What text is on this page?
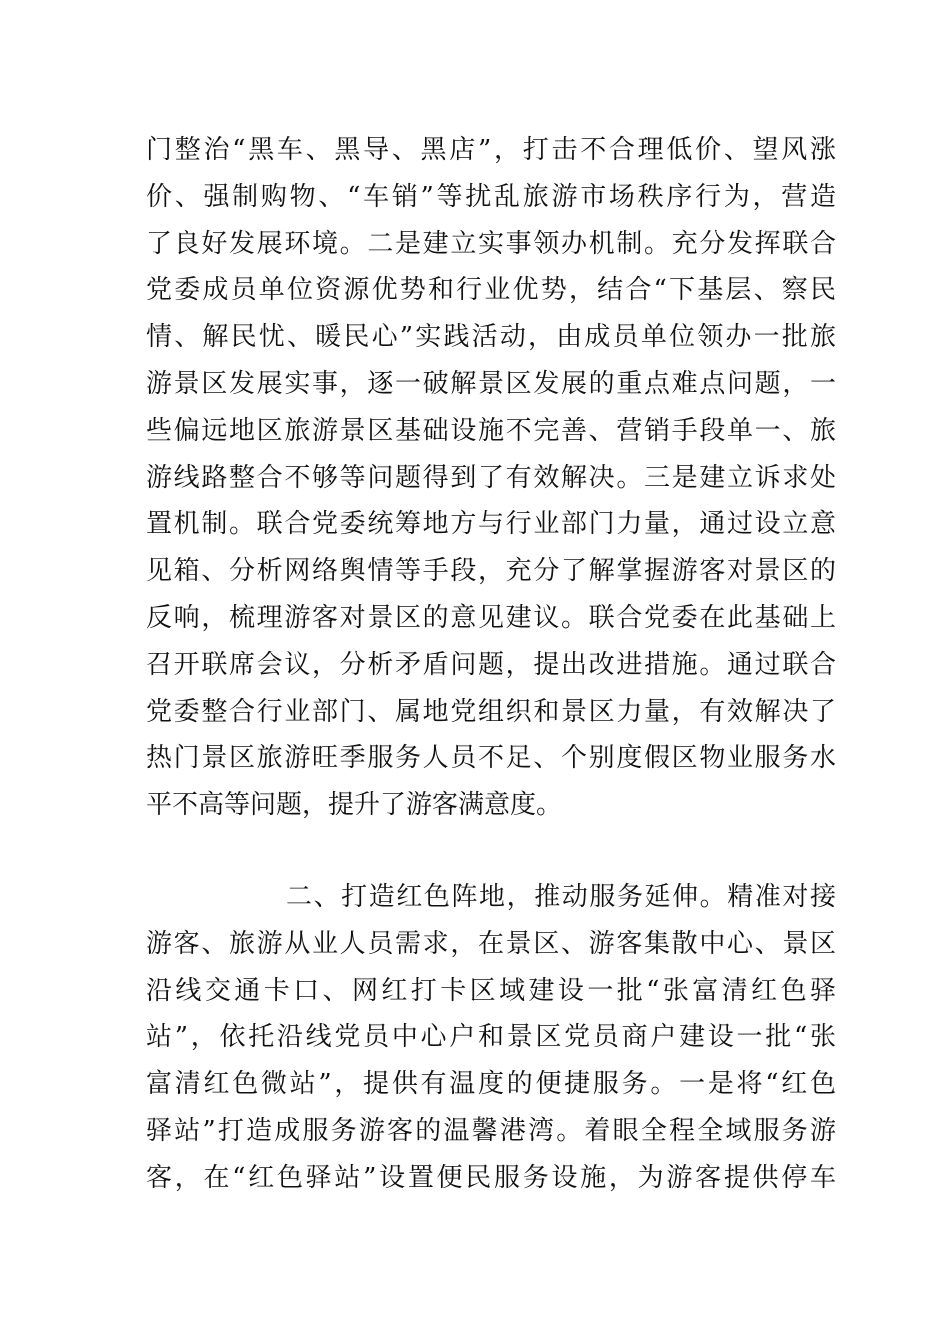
门整治“黑车、黑导、黑店”，打击不合理低价、望风涨
价、强制购物、“车销”等扰乱旅游市场秩序行为，营造
了良好发展环境。二是建立实事领办机制。充分发挥联合
党委成员单位资源优势和行业优势，结合“下基层、察民
情、解民忧、暖民心”实践活动，由成员单位领办一批旅
游景区发展实事，逐一破解景区发展的重点难点问题，一
些偏远地区旅游景区基础设施不完善、营销手段单一、旅
游线路整合不够等问题得到了有效解决。三是建立诉求处
置机制。联合党委统筹地方与行业部门力量，通过设立意
见箱、分析网络舆情等手段，充分了解掌握游客对景区的
反响，梳理游客对景区的意见建议。联合党委在此基础上
召开联席会议，分析矛盾问题，提出改进措施。通过联合
党委整合行业部门、属地党组织和景区力量，有效解决了
热门景区旅游旺季服务人员不足、个别度假区物业服务水
平不高等问题，提升了游客满意度。
二、打造红色阵地，推动服务延伸。精准对接
游客、旅游从业人员需求，在景区、游客集散中心、景区
沿线交通卡口、网红打卡区域建设一批“张富清红色驿
站”，依托沿线党员中心户和景区党员商户建设一批“张
富清红色微站”，提供有温度的便捷服务。一是将“红色
驿站”打造成服务游客的温馨港湾。着眼全程全域服务游
客，在“红色驿站”设置便民服务设施，为游客提供停车
